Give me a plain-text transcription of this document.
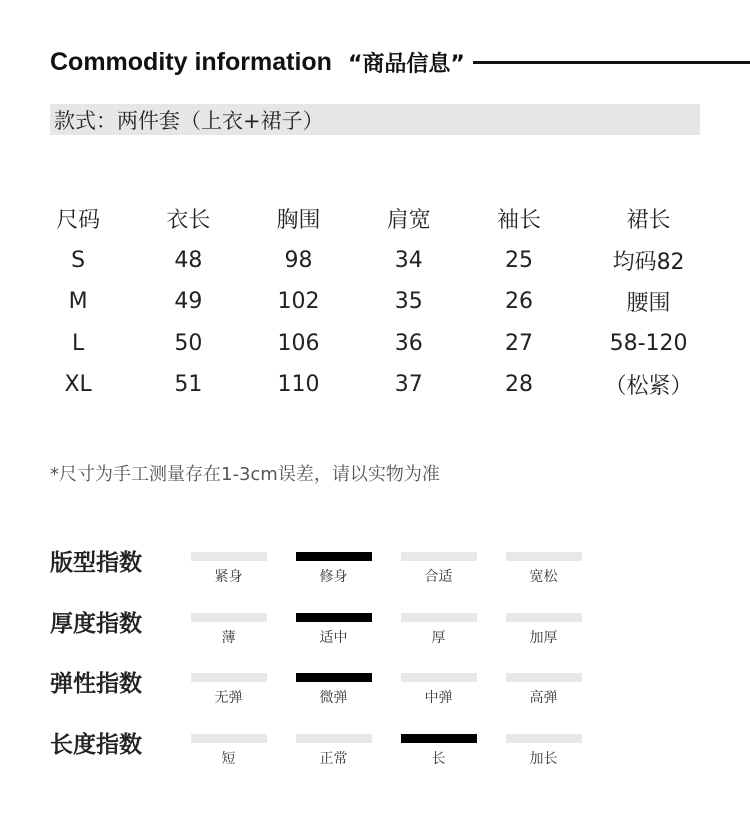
Commodity information “商品信息”
款式：两件套（上衣+裙子）
尺码	衣长	胸围	肩宽	袖长	裙长
S	48	98	34	25	均码82
M	49	102	35	26	腰围
L	50	106	36	27	58-120
XL	51	110	37	28	（松紧）
*尺寸为手工测量存在1-3cm误差，请以实物为准
版型指数
紧身	修身	合适	宽松
厚度指数
薄	适中	厚	加厚
弹性指数
无弹	微弹	中弹	高弹
长度指数
短	正常	长	加长
